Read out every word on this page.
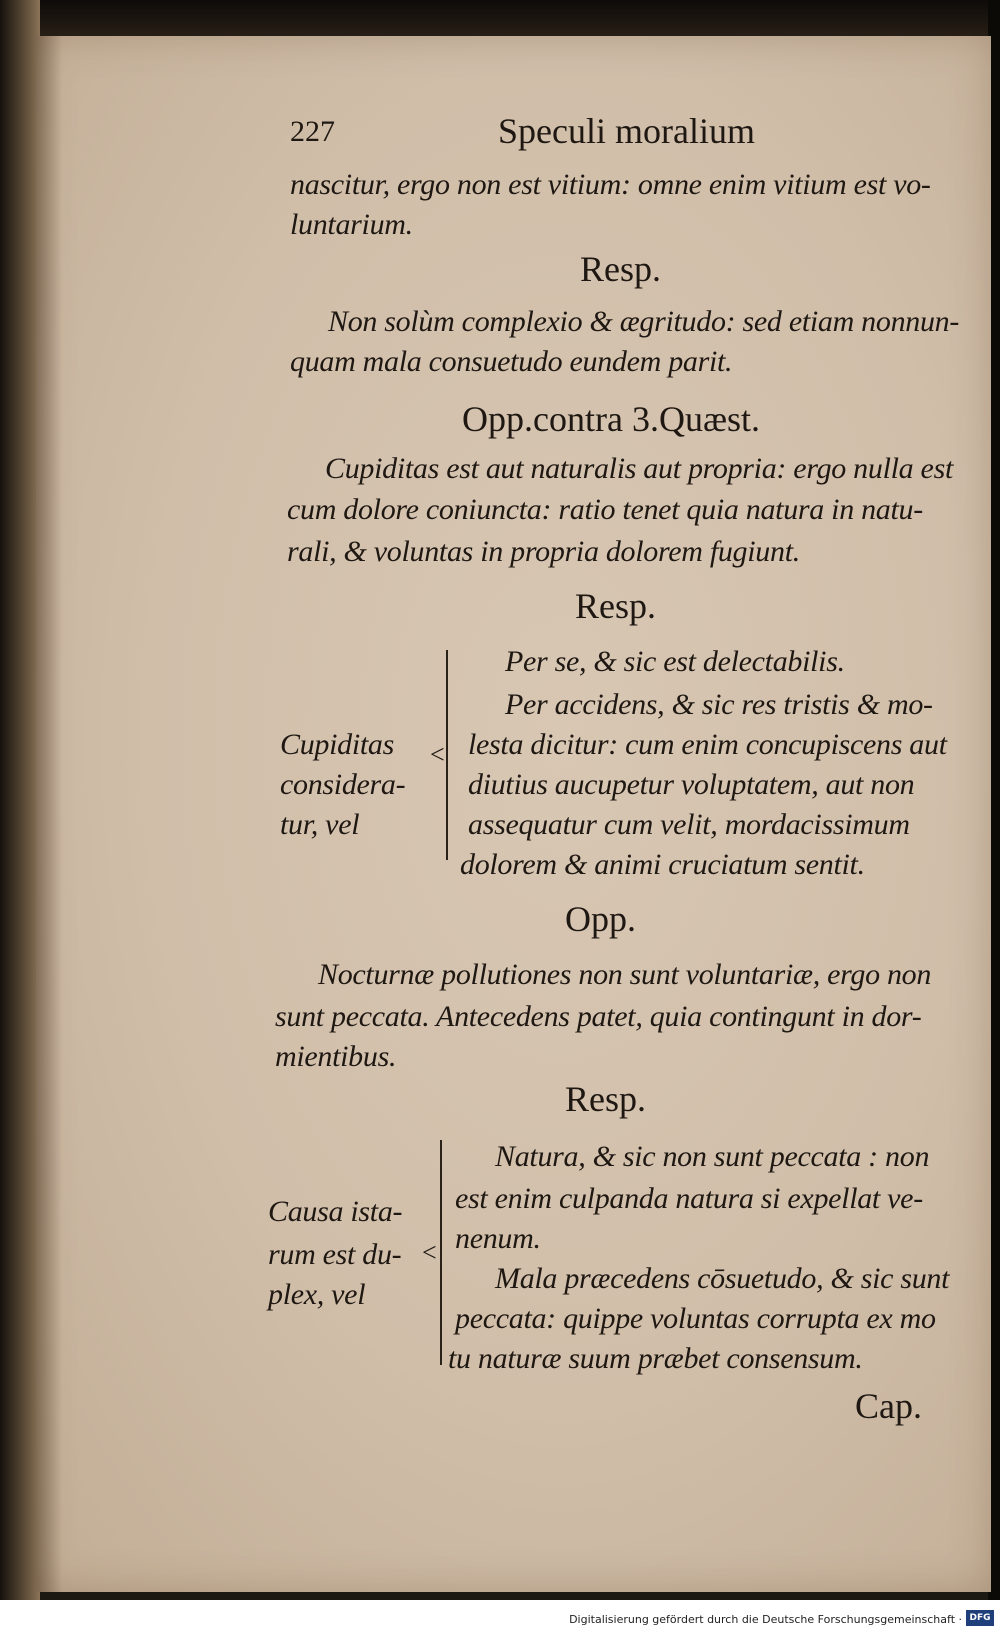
227	Speculi moralium
nascitur, ergo non est vitium: omne enim vitium est vo-
luntarium.
Resp.
Non solùm complexio & ægritudo: sed etiam nonnun-
quam mala consuetudo eundem parit.
Opp.contra 3.Quæst.
Cupiditas est aut naturalis aut propria: ergo nulla est
cum dolore coniuncta: ratio tenet quia natura in natu-
rali, & voluntas in propria dolorem fugiunt.
Resp.
Cupiditas
considera-
tur, vel
<
Per se, & sic est delectabilis.
Per accidens, & sic res tristis & mo-
lesta dicitur: cum enim concupiscens aut
diutius aucupetur voluptatem, aut non
assequatur cum velit, mordacissimum
dolorem & animi cruciatum sentit.
Opp.
Nocturnæ pollutiones non sunt voluntariæ, ergo non
sunt peccata. Antecedens patet, quia contingunt in dor-
mientibus.
Resp.
Causa ista-
rum est du-
plex, vel
<
Natura, & sic non sunt peccata : non
est enim culpanda natura si expellat ve-
nenum.
Mala præcedens cōsuetudo, & sic sunt
peccata: quippe voluntas corrupta ex mo
tu naturæ suum præbet consensum.
Cap.
Digitalisierung gefördert durch die Deutsche Forschungsgemeinschaft · DFG
